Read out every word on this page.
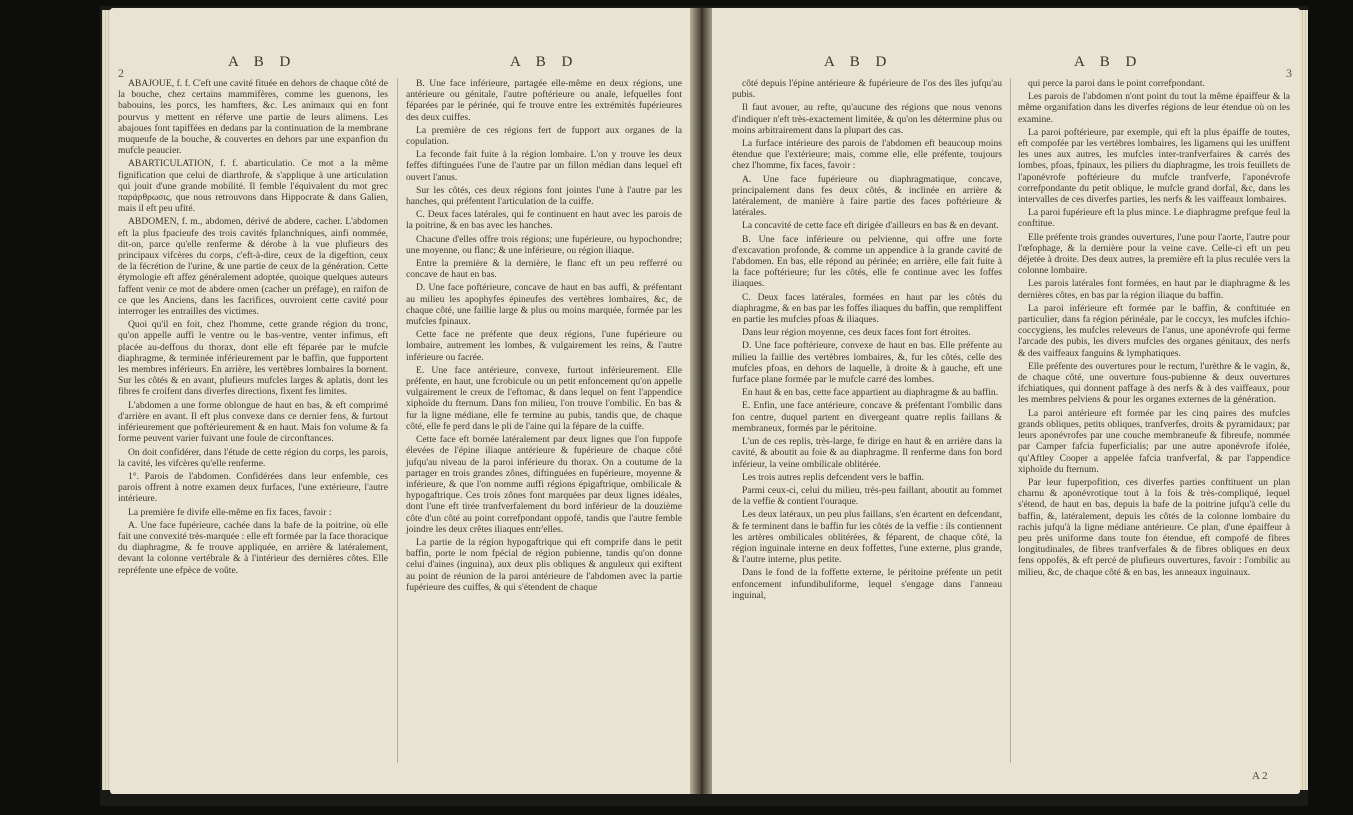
2
A B D	A B D

ABAJOUE, f. f. C'eft une cavité fituée en dehors de chaque côté de la bouche, chez certains mammifères, comme les guenons, les babouins, les porcs, les hamfters, &c. Les animaux qui en font pourvus y mettent en réferve une partie de leurs alimens. Les abajoues font tapiffées en dedans par la continuation de la membrane muqueufe de la bouche, & couvertes en dehors par une expanfion du mufcle peaucier.

ABARTICULATION, f. f. abarticulatio. Ce mot a la même fignification que celui de diarthrofe, & s'applique à une articulation qui jouit d'une grande mobilité. Il femble l'équivalent du mot grec παράρθρωσις, que nous retrouvons dans Hippocrate & dans Galien, mais il eft peu ufité.

ABDOMEN, f. m., abdomen, dérivé de abdere, cacher. L'abdomen eft la plus fpacieufe des trois cavités fplanchniques, ainfi nommée, dit-on, parce qu'elle renferme & dérobe à la vue plufieurs des principaux vifcères du corps, c'eft-à-dire, ceux de la digeftion, ceux de la fécrétion de l'urine, & une partie de ceux de la génération. Cette étymologie eft affez généralement adoptée, quoique quelques auteurs faffent venir ce mot de abdere omen (cacher un préfage), en raifon de ce que les Anciens, dans les facrifices, ouvroient cette cavité pour interroger les entrailles des victimes.

Quoi qu'il en foit, chez l'homme, cette grande région du tronc, qu'on appelle auffi le ventre ou le bas-ventre, venter infimus, eft placée au-deffous du thorax, dont elle eft féparée par le mufcle diaphragme, & terminée inférieurement par le baffin, que fupportent les membres inférieurs. En arrière, les vertèbres lombaires la bornent. Sur les côtés & en avant, plufieurs mufcles larges & aplatis, dont les fibres fe croifent dans diverfes directions, fixent fes limites.

L'abdomen a une forme oblongue de haut en bas, & eft comprimé d'arrière en avant. Il eft plus convexe dans ce dernier fens, & furtout inférieurement que poftérieurement & en haut. Mais fon volume & fa forme peuvent varier fuivant une foule de circonftances.

On doit confidérer, dans l'étude de cette région du corps, les parois, la cavité, les vifcères qu'elle renferme.

1°. Parois de l'abdomen. Confidérées dans leur enfemble, ces parois offrent à notre examen deux furfaces, l'une extérieure, l'autre intérieure.

La première fe divife elle-même en fix faces, favoir :

A. Une face fupérieure, cachée dans la bafe de la poitrine, où elle fait une convexité très-marquée : elle eft formée par la face thoracique du diaphragme, & fe trouve appliquée, en arrière & latéralement, devant la colonne vertébrale & à l'intérieur des dernières côtes. Elle repréfente une efpèce de voûte.

B. Une face inférieure, partagée elle-même en deux régions, une antérieure ou génitale, l'autre poftérieure ou anale, lefquelles font féparées par le périnée, qui fe trouve entre les extrémités fupérieures des deux cuiffes.

La première de ces régions fert de fupport aux organes de la copulation.

La feconde fait fuite à la région lombaire. L'on y trouve les deux feffes diftinguées l'une de l'autre par un fillon médian dans lequel eft ouvert l'anus.

Sur les côtés, ces deux régions font jointes l'une à l'autre par les hanches, qui préfentent l'articulation de la cuiffe.

C. Deux faces latérales, qui fe continuent en haut avec les parois de la poitrine, & en bas avec les hanches.

Chacune d'elles offre trois régions; une fupérieure, ou hypochondre; une moyenne, ou flanc; & une inférieure, ou région iliaque.

Entre la première & la dernière, le flanc eft un peu refferré ou concave de haut en bas.

D. Une face poftérieure, concave de haut en bas auffi, & préfentant au milieu les apophyfes épineufes des vertèbres lombaires, &c, de chaque côté, une faillie large & plus ou moins marquée, formée par les mufcles fpinaux.

Cette face ne préfente que deux régions, l'une fupérieure ou lombaire, autrement les lombes, & vulgairement les reins, & l'autre inférieure ou facrée.

E. Une face antérieure, convexe, furtout inférieurement. Elle préfente, en haut, une fcrobicule ou un petit enfoncement qu'on appelle vulgairement le creux de l'eftomac, & dans lequel on fent l'appendice xiphoïde du fternum. Dans fon milieu, l'on trouve l'ombilic. En bas & fur la ligne médiane, elle fe termine au pubis, tandis que, de chaque côté, elle fe perd dans le pli de l'aine qui la fépare de la cuiffe.

Cette face eft bornée latéralement par deux lignes que l'on fuppofe élevées de l'épine iliaque antérieure & fupérieure de chaque côté jufqu'au niveau de la paroi inférieure du thorax. On a coutume de la partager en trois grandes zônes, diftinguées en fupérieure, moyenne & inférieure, & que l'on nomme auffi régions épigaftrique, ombilicale & hypogaftrique. Ces trois zônes font marquées par deux lignes idéales, dont l'une eft tirée tranfverfalement du bord inférieur de la douzième côte d'un côté au point correfpondant oppofé, tandis que l'autre femble joindre les deux crêtes iliaques entr'elles.

La partie de la région hypogaftrique qui eft comprife dans le petit baffin, porte le nom fpécial de région pubienne, tandis qu'on donne celui d'aines (inguina), aux deux plis obliques & anguleux qui exiftent au point de réunion de la paroi antérieure de l'abdomen avec la partie fupérieure des cuiffes, & qui s'étendent de chaque

A B D	A B D
3

côté depuis l'épine antérieure & fupérieure de l'os des îles jufqu'au pubis.

Il faut avouer, au refte, qu'aucune des régions que nous venons d'indiquer n'eft très-exactement limitée, & qu'on les détermine plus ou moins arbitrairement dans la plupart des cas.

La furface intérieure des parois de l'abdomen eft beaucoup moins étendue que l'extérieure; mais, comme elle, elle préfente, toujours chez l'homme, fix faces, favoir :

A. Une face fupérieure ou diaphragmatique, concave, principalement dans fes deux côtés, & inclinée en arrière & latéralement, de manière à faire partie des faces poftérieure & latérales.

La concavité de cette face eft dirigée d'ailleurs en bas & en devant.

B. Une face inférieure ou pelvienne, qui offre une forte d'excavation profonde, & comme un appendice à la grande cavité de l'abdomen. En bas, elle répond au périnée; en arrière, elle fait fuite à la face poftérieure; fur les côtés, elle fe continue avec les foffes iliaques.

C. Deux faces latérales, formées en haut par les côtés du diaphragme, & en bas par les foffes iliaques du baffin, que rempliffent en partie les mufcles pfoas & iliaques.

Dans leur région moyenne, ces deux faces font fort étroites.

D. Une face poftérieure, convexe de haut en bas. Elle préfente au milieu la faillie des vertèbres lombaires, &, fur les côtés, celle des mufcles pfoas, en dehors de laquelle, à droite & à gauche, eft une furface plane formée par le mufcle carré des lombes.

En haut & en bas, cette face appartient au diaphragme & au baffin.

E. Enfin, une face antérieure, concave & préfentant l'ombilic dans fon centre, duquel partent en divergeant quatre replis faillans & membraneux, formés par le péritoine.

L'un de ces replis, très-large, fe dirige en haut & en arrière dans la cavité, & aboutit au foie & au diaphragme. Il renferme dans fon bord inférieur, la veine ombilicale oblitérée.

Les trois autres replis defcendent vers le baffin.

Parmi ceux-ci, celui du milieu, très-peu faillant, aboutit au fommet de la veffie & contient l'ouraque.

Les deux latéraux, un peu plus faillans, s'en écartent en defcendant, & fe terminent dans le baffin fur les côtés de la veffie : ils contiennent les artères ombilicales oblitérées, & féparent, de chaque côté, la région inguinale interne en deux foffettes, l'une externe, plus grande, & l'autre interne, plus petite.

Dans le fond de la foffette externe, le péritoine préfente un petit enfoncement infundibuliforme, lequel s'engage dans l'anneau inguinal,

qui perce la paroi dans le point correfpondant.

Les parois de l'abdomen n'ont point du tout la même épaiffeur & la même organifation dans les diverfes régions de leur étendue où on les examine.

La paroi poftérieure, par exemple, qui eft la plus épaiffe de toutes, eft compofée par les vertèbres lombaires, les ligamens qui les uniffent les unes aux autres, les mufcles inter-tranfverfaires & carrés des lombes, pfoas, fpinaux, les piliers du diaphragme, les trois feuillets de l'aponévrofe poftérieure du mufcle tranfverfe, l'aponévrofe correfpondante du petit oblique, le mufcle grand dorfal, &c, dans les intervalles de ces diverfes parties, les nerfs & les vaiffeaux lombaires.

La paroi fupérieure eft la plus mince. Le diaphragme prefque feul la conftitue.

Elle préfente trois grandes ouvertures, l'une pour l'aorte, l'autre pour l'œfophage, & la dernière pour la veine cave. Celle-ci eft un peu déjetée à droite. Des deux autres, la première eft la plus reculée vers la colonne lombaire.

Les parois latérales font formées, en haut par le diaphragme & les dernières côtes, en bas par la région iliaque du baffin.

La paroi inférieure eft formée par le baffin, & conftituée en particulier, dans fa région périnéale, par le coccyx, les mufcles ifchio-coccygiens, les mufcles releveurs de l'anus, une aponévrofe qui ferme l'arcade des pubis, les divers mufcles des organes génitaux, des nerfs & des vaiffeaux fanguins & lymphatiques.

Elle préfente des ouvertures pour le rectum, l'urèthre & le vagin, &, de chaque côté, une ouverture fous-pubienne & deux ouvertures ifchiatiques, qui donnent paffage à des nerfs & à des vaiffeaux, pour les membres pelviens & pour les organes externes de la génération.

La paroi antérieure eft formée par les cinq paires des mufcles grands obliques, petits obliques, tranfverfes, droits & pyramidaux; par leurs aponévrofes par une couche membraneufe & fibreufe, nommée par Camper fafcia fuperficialis; par une autre aponévrofe ifolée, qu'Aftley Cooper a appelée fafcia tranfverfal, & par l'appendice xiphoïde du fternum.

Par leur fuperpofition, ces diverfes parties conftituent un plan charnu & aponévrotique tout à la fois & très-compliqué, lequel s'étend, de haut en bas, depuis la bafe de la poitrine jufqu'à celle du baffin, &, latéralement, depuis les côtés de la colonne lombaire du rachis jufqu'à la ligne médiane antérieure. Ce plan, d'une épaiffeur à peu près uniforme dans toute fon étendue, eft compofé de fibres longitudinales, de fibres tranfverfales & de fibres obliques en deux fens oppofés, & eft percé de plufieurs ouvertures, favoir : l'ombilic au milieu, &c, de chaque côté & en bas, les anneaux inguinaux.

A 2
